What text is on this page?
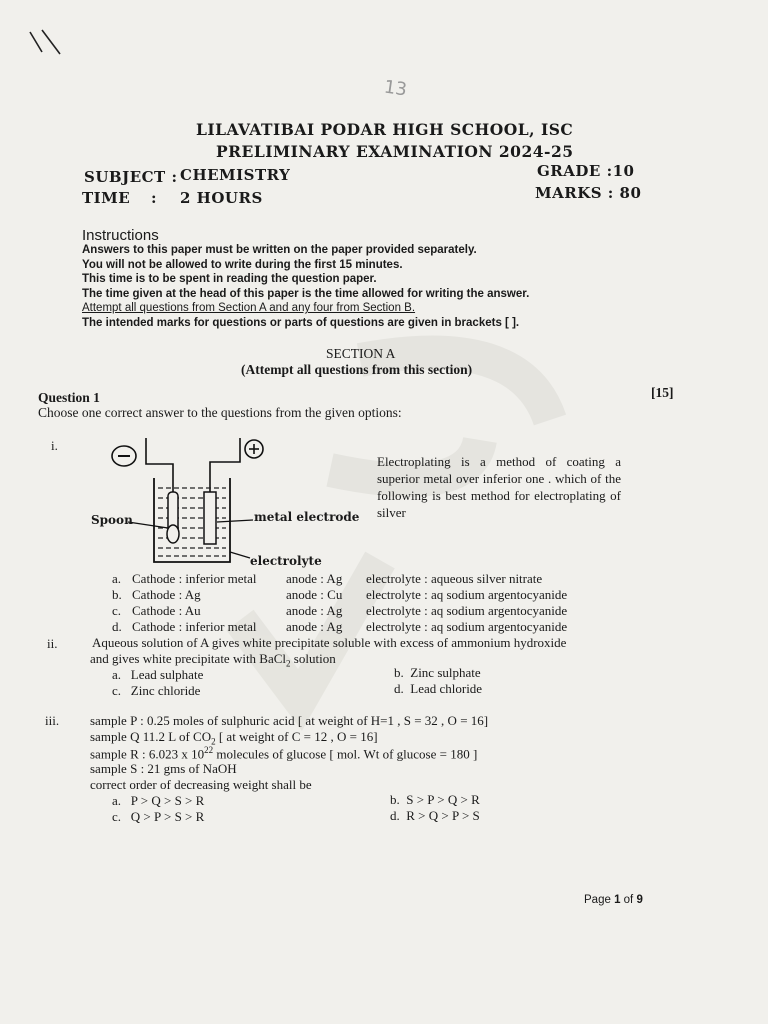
13
LILAVATIBAI PODAR HIGH SCHOOL, ISC
PRELIMINARY EXAMINATION 2024-25
SUBJECT : CHEMISTRY
TIME : 2 HOURS
GRADE :10
MARKS : 80
Instructions
Answers to this paper must be written on the paper provided separately.
You will not be allowed to write during the first 15 minutes.
This time is to be spent in reading the question paper.
The time given at the head of this paper is the time allowed for writing the answer.
Attempt all questions from Section A and any four from Section B.
The intended marks for questions or parts of questions are given in brackets [ ].
SECTION A
(Attempt all questions from this section)
Question 1	[15]
Choose one correct answer to the questions from the given options:
i.
Spoon	metal electrode
electrolyte
Electroplating is a method of coating a superior metal over inferior one . which of the following is best method for electroplating of silver
a. Cathode : inferior metal anode : Ag electrolyte : aqueous silver nitrate
b. Cathode : Ag	anode : Cu electrolyte : aq sodium argentocyanide
c. Cathode : Au	anode : Ag electrolyte : aq sodium argentocyanide
d. Cathode : inferior metal anode : Ag electrolyte : aq sodium argentocyanide
ii.	Aqueous solution of A gives white precipitate soluble with excess of ammonium hydroxide
and gives white precipitate with BaCl$_2$ solution
a. Lead sulphate	b. Zinc sulphate
c. Zinc chloride	d. Lead chloride
iii. sample P : 0.25 moles of sulphuric acid [ at weight of H=1 , S = 32 , O = 16]
sample Q 11.2 L of $CO_2$ [ at weight of C = 12 , O = 16]
sample R : 6.023 x $10^{22}$ molecules of glucose [ mol. Wt of glucose = 180 ]
sample S : 21 gms of NaOH
correct order of decreasing weight shall be
a. P > Q > S > R	b. S > P > Q > R
c. Q > P > S > R	d. R > Q > P > S
Page 1 of 9
